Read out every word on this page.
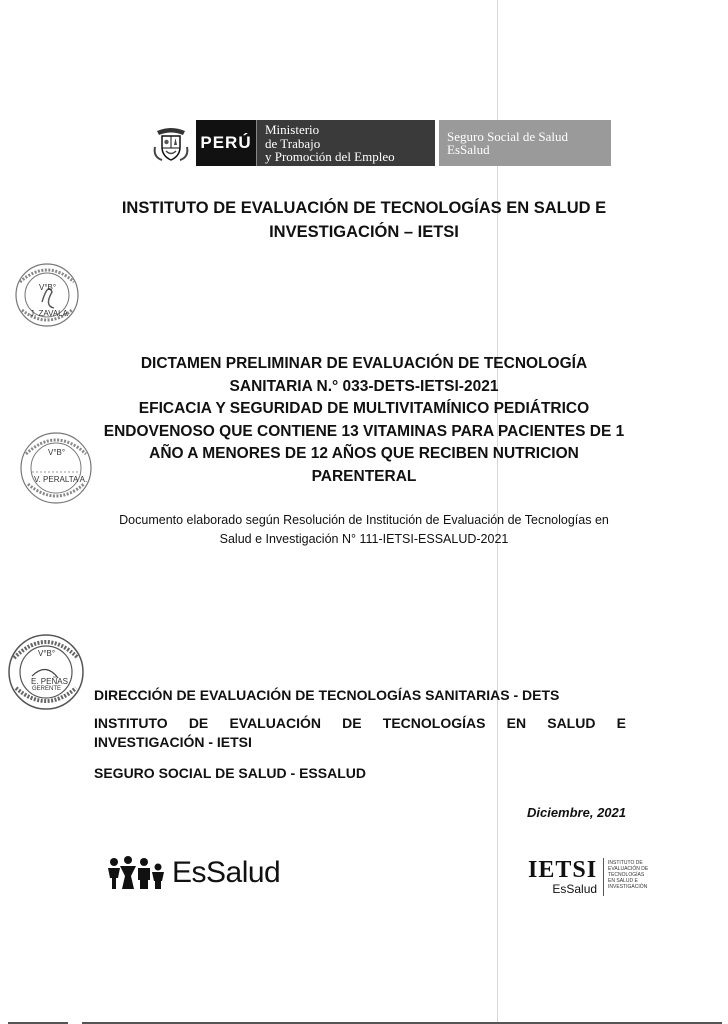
PERÚ
Ministerio
de Trabajo
y Promoción del Empleo
Seguro Social de Salud
EsSalud
INSTITUTO DE EVALUACIÓN DE TECNOLOGÍAS EN SALUD E
INVESTIGACIÓN – IETSI
V°B°
J. ZAVALA
DICTAMEN PRELIMINAR DE EVALUACIÓN DE TECNOLOGÍA
SANITARIA N.° 033-DETS-IETSI-2021
EFICACIA Y SEGURIDAD DE MULTIVITAMÍNICO PEDIÁTRICO
ENDOVENOSO QUE CONTIENE 13 VITAMINAS PARA PACIENTES DE 1
AÑO A MENORES DE 12 AÑOS QUE RECIBEN NUTRICION
PARENTERAL
V°B°
V. PERALTA A.
Documento elaborado según Resolución de Institución de Evaluación de Tecnologías en
Salud e Investigación N° 111-IETSI-ESSALUD-2021
V°B°
E. PEÑAS
GERENTE DIRECCIÓN DE EVALUACIÓN DE TECNOLOGÍAS SANITARIAS - DETS
INSTITUTO DE EVALUACIÓN DE TECNOLOGÍAS EN SALUD E
INVESTIGACIÓN - IETSI
SEGURO SOCIAL DE SALUD - ESSALUD
Diciembre, 2021
EsSalud	IETSI
EsSalud
INSTITUTO DE EVALUACIÓN DE TECNOLOGÍAS EN SALUD E INVESTIGACIÓN
